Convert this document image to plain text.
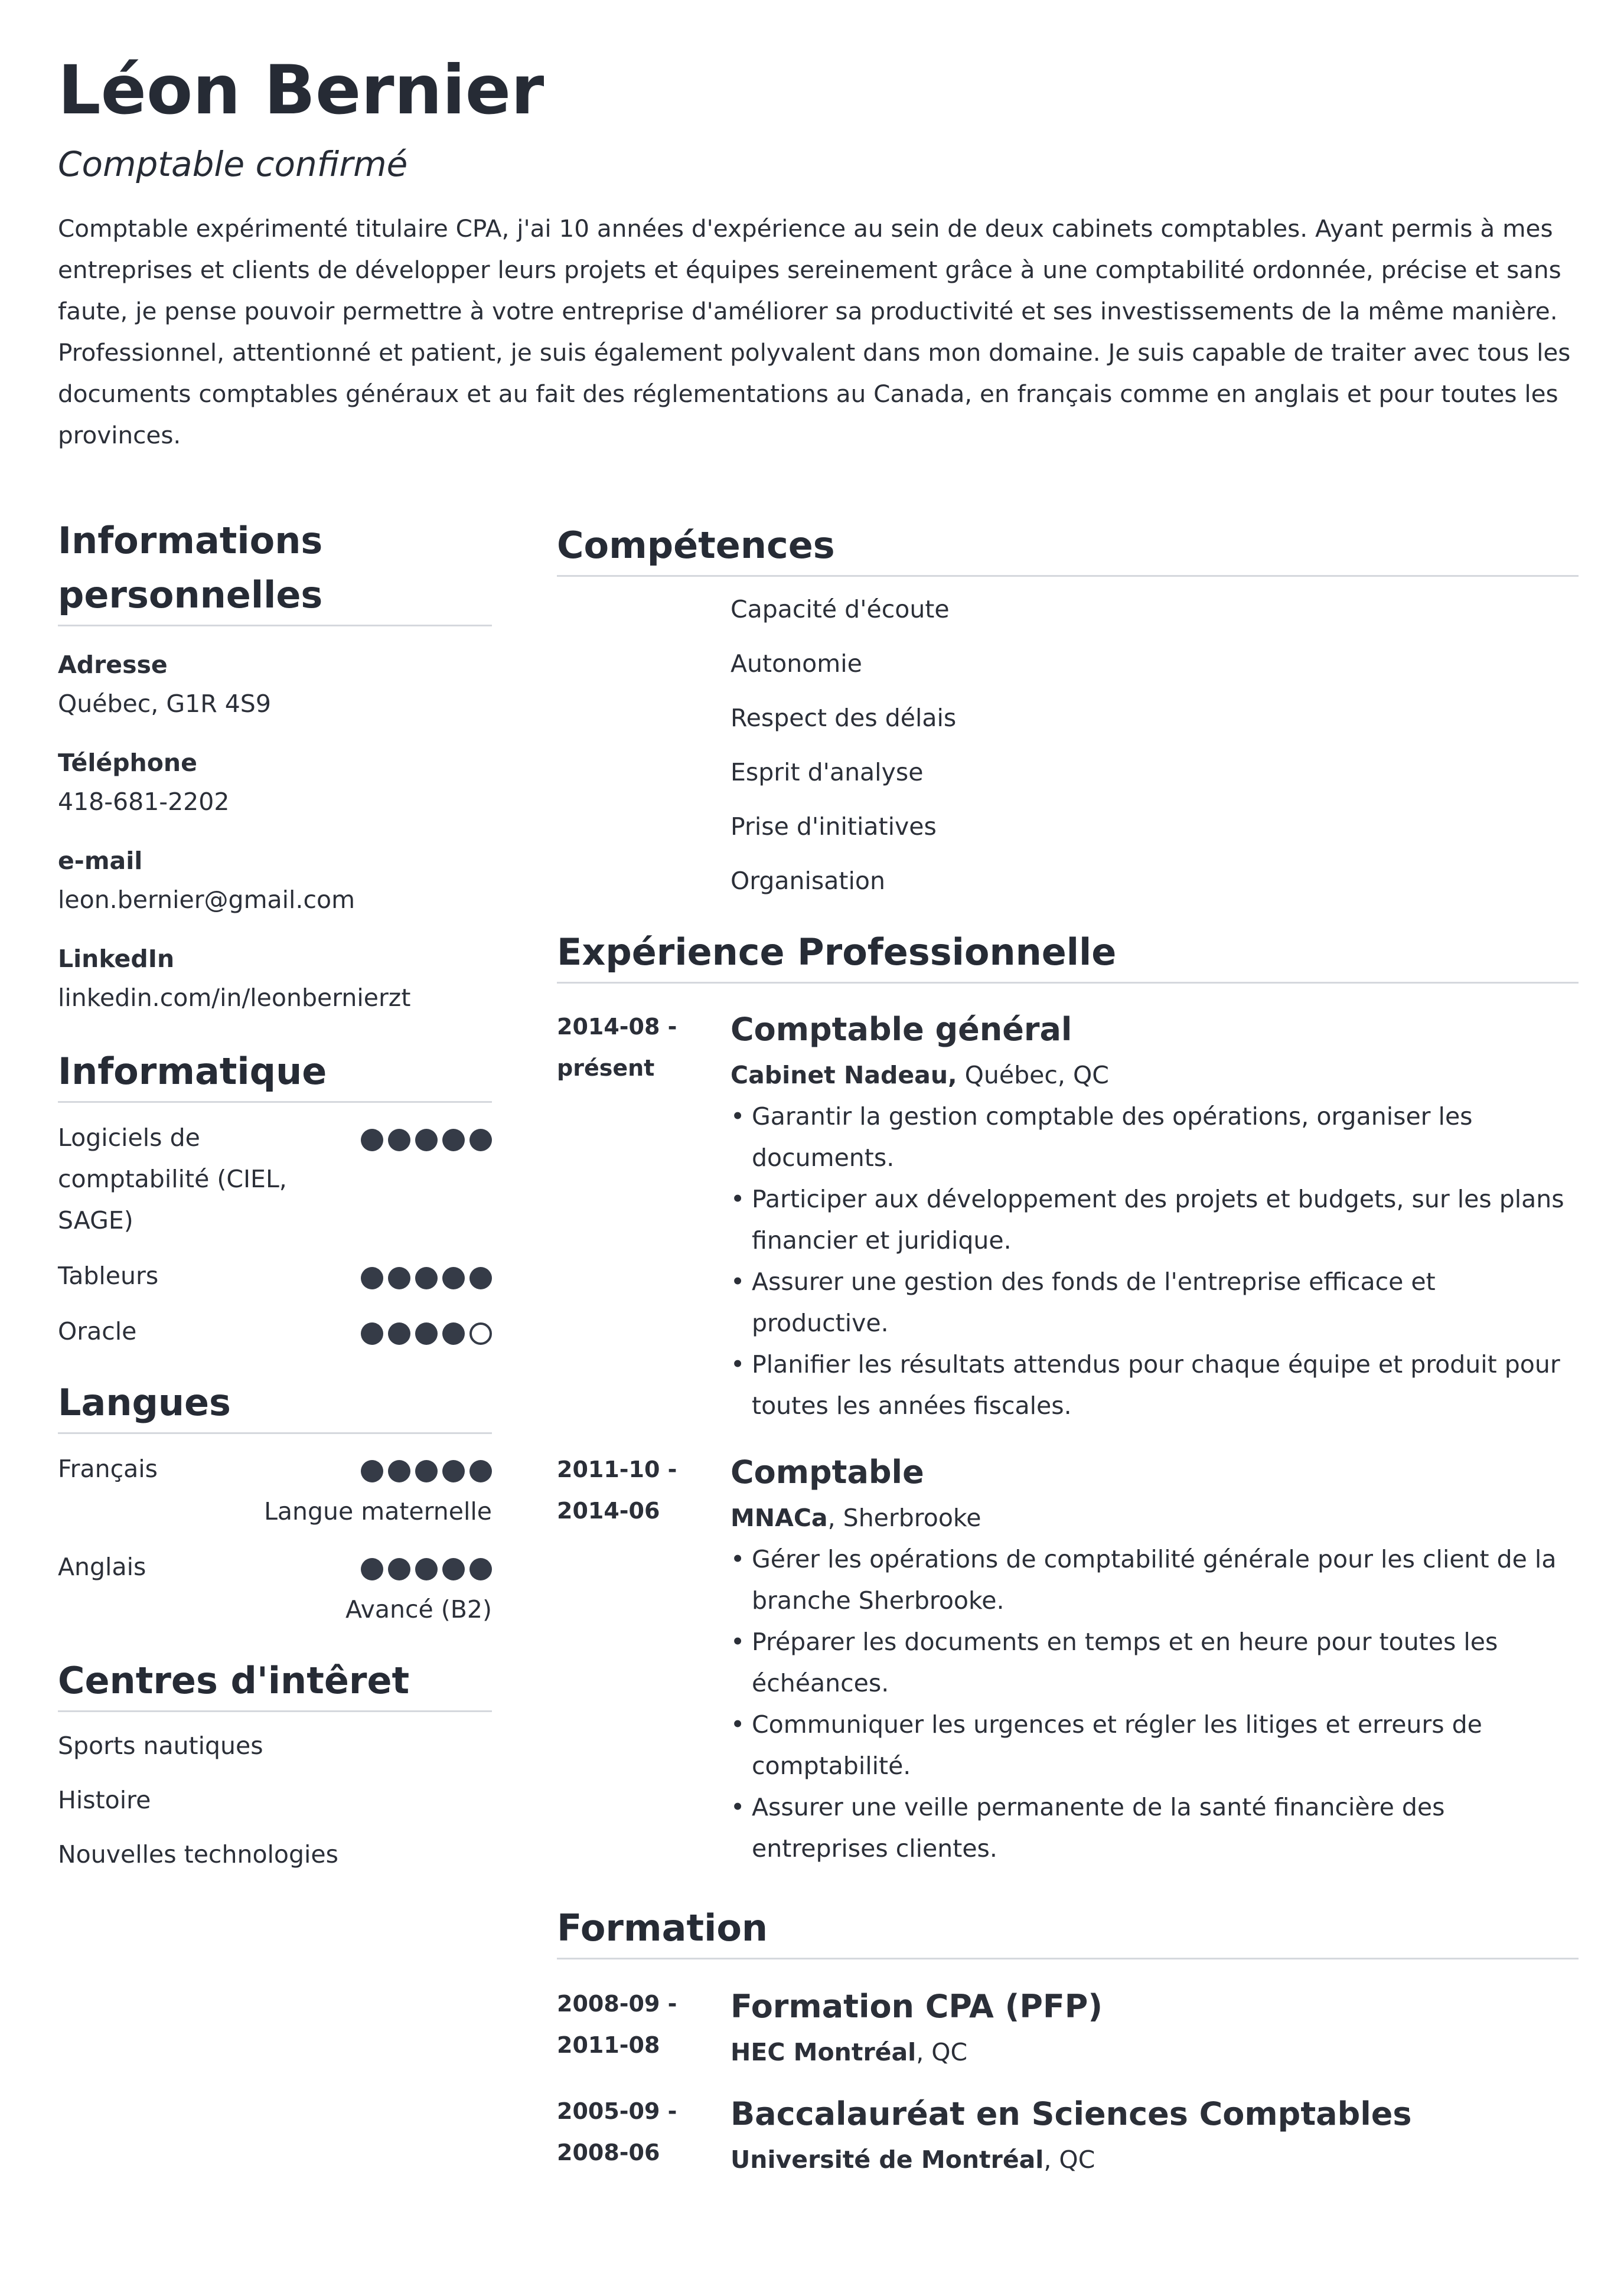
Léon Bernier
Comptable confirmé

Comptable expérimenté titulaire CPA, j'ai 10 années d'expérience au sein de deux cabinets comptables. Ayant permis à mes entreprises et clients de développer leurs projets et équipes sereinement grâce à une comptabilité ordonnée, précise et sans faute, je pense pouvoir permettre à votre entreprise d'améliorer sa productivité et ses investissements de la même manière. Professionnel, attentionné et patient, je suis également polyvalent dans mon domaine. Je suis capable de traiter avec tous les documents comptables généraux et au fait des réglementations au Canada, en français comme en anglais et pour toutes les provinces.

Informations personnelles
Adresse
Québec, G1R 4S9
Téléphone
418-681-2202
e-mail
leon.bernier@gmail.com
LinkedIn
linkedin.com/in/leonbernierzt
Informatique
Logiciels de comptabilité (CIEL, SAGE)
Tableurs
Oracle
Langues
Français
Langue maternelle
Anglais
Avancé (B2)
Centres d'intêret
Sports nautiques
Histoire
Nouvelles technologies
Compétences
Capacité d'écoute
Autonomie
Respect des délais
Esprit d'analyse
Prise d'initiatives
Organisation
Expérience Professionnelle
2014-08 -
présent
Comptable général
Cabinet Nadeau, Québec, QC
• Garantir la gestion comptable des opérations, organiser les documents.
• Participer aux développement des projets et budgets, sur les plans financier et juridique.
• Assurer une gestion des fonds de l'entreprise efficace et productive.
• Planifier les résultats attendus pour chaque équipe et produit pour toutes les années fiscales.
2011-10 -
2014-06
Comptable
MNACa, Sherbrooke
• Gérer les opérations de comptabilité générale pour les client de la branche Sherbrooke.
• Préparer les documents en temps et en heure pour toutes les échéances.
• Communiquer les urgences et régler les litiges et erreurs de comptabilité.
• Assurer une veille permanente de la santé financière des entreprises clientes.
Formation
2008-09 -
2011-08
Formation CPA (PFP)
HEC Montréal, QC
2005-09 -
2008-06
Baccalauréat en Sciences Comptables
Université de Montréal, QC
